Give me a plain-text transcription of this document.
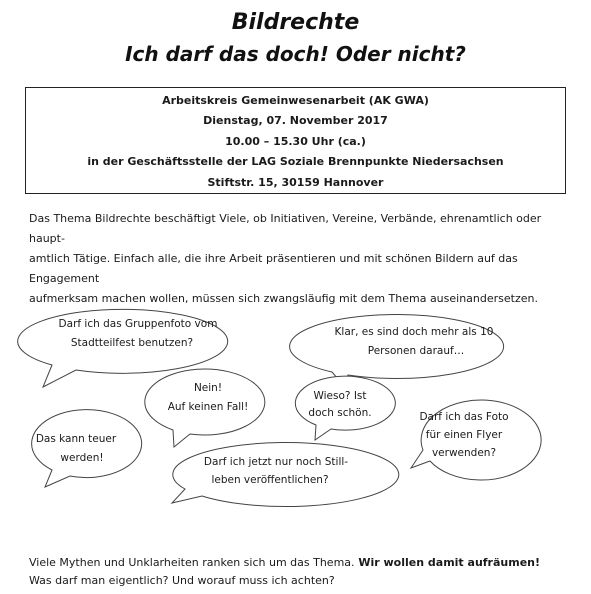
Bildrechte
Ich darf das doch! Oder nicht?
Arbeitskreis Gemeinwesenarbeit (AK GWA)
Dienstag, 07. November 2017
10.00 – 15.30 Uhr (ca.)
in der Geschäftsstelle der LAG Soziale Brennpunkte Niedersachsen
Stiftstr. 15, 30159 Hannover
Das Thema Bildrechte beschäftigt Viele, ob Initiativen, Vereine, Verbände, ehrenamtlich oder haupt-
amtlich Tätige. Einfach alle, die ihre Arbeit präsentieren und mit schönen Bildern auf das Engagement
aufmerksam machen wollen, müssen sich zwangsläufig mit dem Thema auseinandersetzen.
Darf ich das Gruppenfoto vom
Stadtteilfest benutzen?
Klar, es sind doch mehr als 10
Personen darauf…
Nein!
Auf keinen Fall!
Wieso? Ist
doch schön.	Darf ich das Foto
für einen Flyer
verwenden?
Das kann teuer
werden!	Darf ich jetzt nur noch Still-
leben veröffentlichen?
Viele Mythen und Unklarheiten ranken sich um das Thema. Wir wollen damit aufräumen!
Was darf man eigentlich? Und worauf muss ich achten?
